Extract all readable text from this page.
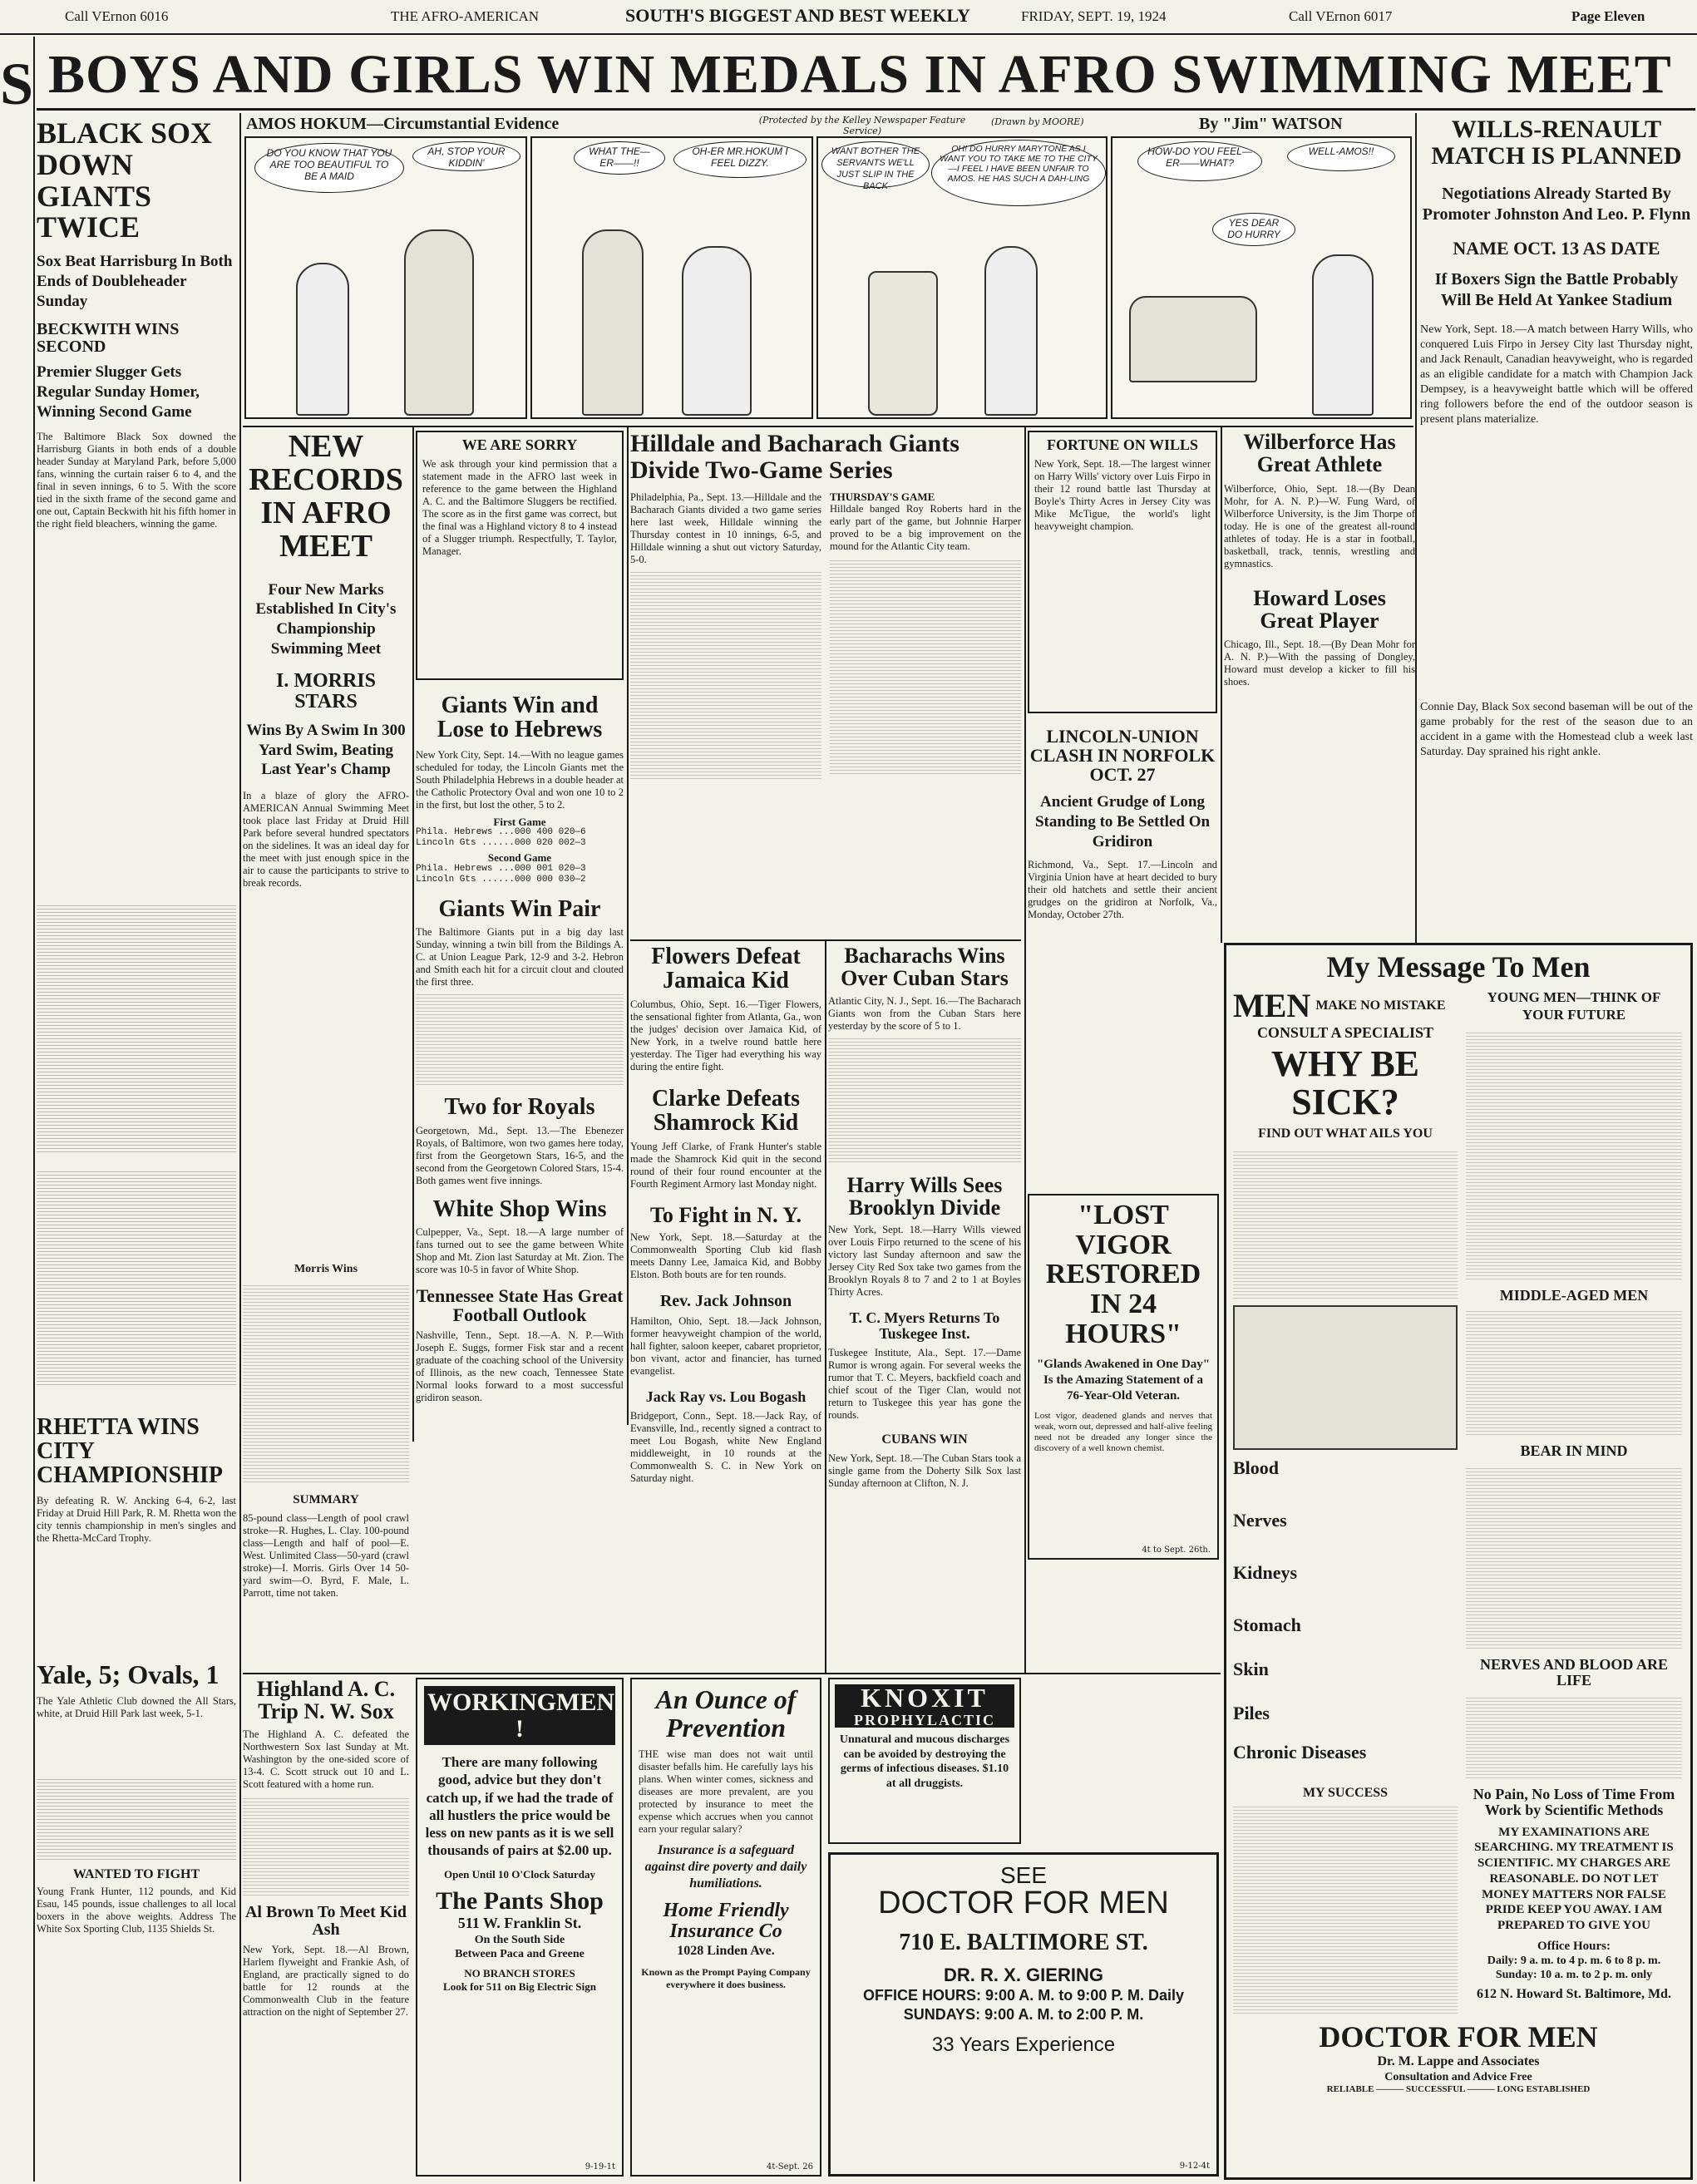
Call VErnon 6016	THE AFRO-AMERICAN	SOUTH'S BIGGEST AND BEST WEEKLY	FRIDAY, SEPT. 19, 1924	Call VErnon 6017	Page Eleven
S BOYS AND GIRLS WIN MEDALS IN AFRO SWIMMING MEET
BLACK SOX DOWN GIANTS TWICE
Sox Beat Harrisburg In Both Ends of Doubleheader Sunday
BECKWITH WINS SECOND
Premier Slugger Gets Regular Sunday Homer, Winning Second Game
The Baltimore Black Sox downed the Harrisburg Giants in both ends of a double header Sunday at Maryland Park, before 5,000 fans, winning the curtain raiser 6 to 4, and the final in seven innings, 6 to 5. With the score tied in the sixth frame of the second game and one out, Captain Beckwith hit his fifth homer in the right field bleachers, winning the game.
RHETTA WINS CITY CHAMPIONSHIP
By defeating R. W. Ancking 6-4, 6-2, last Friday at Druid Hill Park, R. M. Rhetta won the city tennis championship in men's singles and the Rhetta-McCard Trophy.
Yale, 5; Ovals, 1
The Yale Athletic Club downed the All Stars, white, at Druid Hill Park last week, 5-1.
WANTED TO FIGHT
Young Frank Hunter, 112 pounds, and Kid Esau, 145 pounds, issue challenges to all local boxers in the above weights. Address The White Sox Sporting Club, 1135 Shields St.
AMOS HOKUM—Circumstantial Evidence	(Protected by the Kelley Newspaper Feature Service)
(Drawn by MOORE)	By "Jim" WATSON
DO YOU KNOW THAT YOU ARE TOO BEAUTIFUL TO BE A MAID
AH, STOP YOUR KIDDIN'
WHAT THE— ER——!!
OH-ER MR.HOKUM I FEEL DIZZY.
WANT BOTHER THE SERVANTS WE'LL JUST SLIP IN THE BACK
OH! DO HURRY MARYTONE AS I WANT YOU TO TAKE ME TO THE CITY—I FEEL I HAVE BEEN UNFAIR TO AMOS. HE HAS SUCH A DAH-LING
HOW-DO YOU FEEL— ER——WHAT?
WELL-AMOS!!
YES DEAR DO HURRY
WILLS-RENAULT MATCH IS PLANNED
Negotiations Already Started By Promoter Johnston And Leo. P. Flynn
NAME OCT. 13 AS DATE
If Boxers Sign the Battle Probably Will Be Held At Yankee Stadium
New York, Sept. 18.—A match between Harry Wills, who conquered Luis Firpo in Jersey City last Thursday night, and Jack Renault, Canadian heavyweight, who is regarded as an eligible candidate for a match with Champion Jack Dempsey, is a heavyweight battle which will be offered ring followers before the end of the outdoor season is present plans materialize.
Connie Day, Black Sox second baseman will be out of the game probably for the rest of the season due to an accident in a game with the Homestead club a week last Saturday. Day sprained his right ankle.
NEW RECORDS IN AFRO MEET
Four New Marks Established In City's Championship Swimming Meet
I. MORRIS STARS
Wins By A Swim In 300 Yard Swim, Beating Last Year's Champ
In a blaze of glory the AFRO-AMERICAN Annual Swimming Meet took place last Friday at Druid Hill Park before several hundred spectators on the sidelines. It was an ideal day for the meet with just enough spice in the air to cause the participants to strive to break records.
Morris Wins
SUMMARY
85-pound class—Length of pool crawl stroke—R. Hughes, L. Clay. 100-pound class—Length and half of pool—E. West. Unlimited Class—50-yard (crawl stroke)—I. Morris. Girls Over 14 50-yard swim—O. Byrd, F. Male, L. Parrott, time not taken.
WE ARE SORRY
We ask through your kind permission that a statement made in the AFRO last week in reference to the game between the Highland A. C. and the Baltimore Sluggers be rectified. The score as in the first game was correct, but the final was a Highland victory 8 to 4 instead of a Slugger triumph. Respectfully, T. Taylor, Manager.
Giants Win and Lose to Hebrews
New York City, Sept. 14.—With no league games scheduled for today, the Lincoln Giants met the South Philadelphia Hebrews in a double header at the Catholic Protectory Oval and won one 10 to 2 in the first, but lost the other, 5 to 2.
First Game
Phila. Hebrews ...000 400 020—6
Lincoln Gts ......000 020 002—3
Second Game
Phila. Hebrews ...000 001 020—3
Lincoln Gts ......000 000 030—2
Giants Win Pair
The Baltimore Giants put in a big day last Sunday, winning a twin bill from the Bildings A. C. at Union League Park, 12-9 and 3-2. Hebron and Smith each hit for a circuit clout and clouted the first three.
Two for Royals
Georgetown, Md., Sept. 13.—The Ebenezer Royals, of Baltimore, won two games here today, first from the Georgetown Stars, 16-5, and the second from the Georgetown Colored Stars, 15-4. Both games went five innings.
White Shop Wins
Culpepper, Va., Sept. 18.—A large number of fans turned out to see the game between White Shop and Mt. Zion last Saturday at Mt. Zion. The score was 10-5 in favor of White Shop.
Tennessee State Has Great Football Outlook
Nashville, Tenn., Sept. 18.—A. N. P.—With Joseph E. Suggs, former Fisk star and a recent graduate of the coaching school of the University of Illinois, as the new coach, Tennessee State Normal looks forward to a most successful gridiron season.
Hilldale and Bacharach Giants Divide Two-Game Series
Philadelphia, Pa., Sept. 13.—Hilldale and the Bacharach Giants divided a two game series here last week, Hilldale winning the Thursday contest in 10 innings, 6-5, and Hilldale winning a shut out victory Saturday, 5-0.
THURSDAY'S GAME
Hilldale banged Roy Roberts hard in the early part of the game, but Johnnie Harper proved to be a big improvement on the mound for the Atlantic City team.
Flowers Defeat Jamaica Kid
Columbus, Ohio, Sept. 16.—Tiger Flowers, the sensational fighter from Atlanta, Ga., won the judges' decision over Jamaica Kid, of New York, in a twelve round battle here yesterday. The Tiger had everything his way during the entire fight.
Clarke Defeats Shamrock Kid
Young Jeff Clarke, of Frank Hunter's stable made the Shamrock Kid quit in the second round of their four round encounter at the Fourth Regiment Armory last Monday night.
To Fight in N. Y.
New York, Sept. 18.—Saturday at the Commonwealth Sporting Club kid flash meets Danny Lee, Jamaica Kid, and Bobby Elston. Both bouts are for ten rounds.
Rev. Jack Johnson
Hamilton, Ohio, Sept. 18.—Jack Johnson, former heavyweight champion of the world, hall fighter, saloon keeper, cabaret proprietor, bon vivant, actor and financier, has turned evangelist.
Jack Ray vs. Lou Bogash
Bridgeport, Conn., Sept. 18.—Jack Ray, of Evansville, Ind., recently signed a contract to meet Lou Bogash, white New England middleweight, in 10 rounds at the Commonwealth S. C. in New York on Saturday night.
Bacharachs Wins Over Cuban Stars
Atlantic City, N. J., Sept. 16.—The Bacharach Giants won from the Cuban Stars here yesterday by the score of 5 to 1.
Harry Wills Sees Brooklyn Divide
New York, Sept. 18.—Harry Wills viewed over Louis Firpo returned to the scene of his victory last Sunday afternoon and saw the Jersey City Red Sox take two games from the Brooklyn Royals 8 to 7 and 2 to 1 at Boyles Thirty Acres.
T. C. Myers Returns To Tuskegee Inst.
Tuskegee Institute, Ala., Sept. 17.—Dame Rumor is wrong again. For several weeks the rumor that T. C. Meyers, backfield coach and chief scout of the Tiger Clan, would not return to Tuskegee this year has gone the rounds.
CUBANS WIN
New York, Sept. 18.—The Cuban Stars took a single game from the Doherty Silk Sox last Sunday afternoon at Clifton, N. J.
FORTUNE ON WILLS
New York, Sept. 18.—The largest winner on Harry Wills' victory over Luis Firpo in their 12 round battle last Thursday at Boyle's Thirty Acres in Jersey City was Mike McTigue, the world's light heavyweight champion.
LINCOLN-UNION CLASH IN NORFOLK OCT. 27
Ancient Grudge of Long Standing to Be Settled On Gridiron
Richmond, Va., Sept. 17.—Lincoln and Virginia Union have at heart decided to bury their old hatchets and settle their ancient grudges on the gridiron at Norfolk, Va., Monday, October 27th.
"LOST VIGOR RESTORED IN 24 HOURS"
"Glands Awakened in One Day" Is the Amazing Statement of a 76-Year-Old Veteran.
Lost vigor, deadened glands and nerves that weak, worn out, depressed and half-alive feeling need not be dreaded any longer since the discovery of a well known chemist.
4t to Sept. 26th.
Wilberforce Has Great Athlete
Wilberforce, Ohio, Sept. 18.—(By Dean Mohr, for A. N. P.)—W. Fung Ward, of Wilberforce University, is the Jim Thorpe of today. He is one of the greatest all-round athletes of today. He is a star in football, basketball, track, tennis, wrestling and gymnastics.
Howard Loses Great Player
Chicago, Ill., Sept. 18.—(By Dean Mohr for A. N. P.)—With the passing of Dongley, Howard must develop a kicker to fill his shoes.
My Message To Men
MEN MAKE NO MISTAKE
CONSULT A SPECIALIST
WHY BE SICK?
FIND OUT WHAT AILS YOU
Blood
Nerves
Kidneys
Stomach
Skin
Piles
Chronic Diseases
MY SUCCESS
YOUNG MEN—THINK OF YOUR FUTURE
MIDDLE-AGED MEN
BEAR IN MIND
NERVES AND BLOOD ARE LIFE
No Pain, No Loss of Time From Work by Scientific Methods
MY EXAMINATIONS ARE SEARCHING. MY TREATMENT IS SCIENTIFIC. MY CHARGES ARE REASONABLE. DO NOT LET MONEY MATTERS NOR FALSE PRIDE KEEP YOU AWAY. I AM PREPARED TO GIVE YOU
Office Hours:
Daily: 9 a. m. to 4 p. m. 6 to 8 p. m. Sunday: 10 a. m. to 2 p. m. only
612 N. Howard St. Baltimore, Md.
DOCTOR FOR MEN
Dr. M. Lappe and Associates
Consultation and Advice Free
RELIABLE ——— SUCCESSFUL ——— LONG ESTABLISHED
WORKINGMEN !
There are many following good, advice but they don't catch up, if we had the trade of all hustlers the price would be less on new pants as it is we sell thousands of pairs at $2.00 up.
Open Until 10 O'Clock Saturday
The Pants Shop
511 W. Franklin St.
On the South Side
Between Paca and Greene
NO BRANCH STORES
Look for 511 on Big Electric Sign
9-19-1t
An Ounce of Prevention
THE wise man does not wait until disaster befalls him. He carefully lays his plans. When winter comes, sickness and diseases are more prevalent, are you protected by insurance to meet the expense which accrues when you cannot earn your regular salary?
Insurance is a safeguard against dire poverty and daily humiliations.
Home Friendly Insurance Co
1028 Linden Ave.
Known as the Prompt Paying Company everywhere it does business.
4t-Sept. 26
KNOXIT
PROPHYLACTIC
Unnatural and mucous discharges can be avoided by destroying the germs of infectious diseases. $1.10 at all druggists.
SEE
DOCTOR FOR MEN
710 E. BALTIMORE ST.
DR. R. X. GIERING
OFFICE HOURS: 9:00 A. M. to 9:00 P. M. Daily
SUNDAYS: 9:00 A. M. to 2:00 P. M.
33 Years Experience
9-12-4t
Highland A. C. Trip N. W. Sox
The Highland A. C. defeated the Northwestern Sox last Sunday at Mt. Washington by the one-sided score of 13-4. C. Scott struck out 10 and L. Scott featured with a home run.
Al Brown To Meet Kid Ash
New York, Sept. 18.—Al Brown, Harlem flyweight and Frankie Ash, of England, are practically signed to do battle for 12 rounds at the Commonwealth Club in the feature attraction on the night of September 27.
